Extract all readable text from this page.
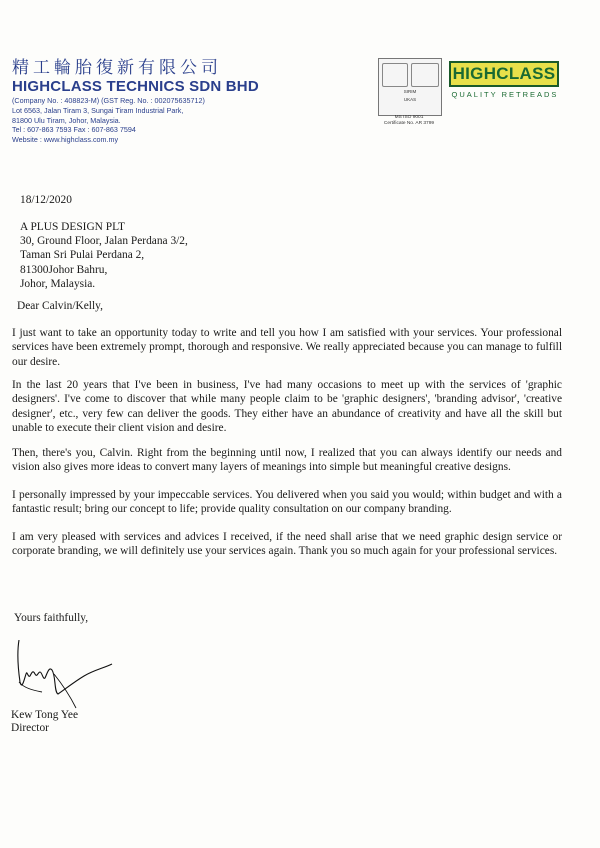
精工輪胎復新有限公司
HIGHCLASS TECHNICS SDN BHD
(Company No. : 408823-M) (GST Reg. No. : 002075635712)
Lot 6563, Jalan Tiram 3, Sungai Tiram Industrial Park,
81800 Ulu Tiram, Johor, Malaysia.
Tel : 607-863 7593 Fax : 607-863 7594
Website : www.highclass.com.my
SIRIM
UKAS
MS ISO 9001
Certificate No. AR 3799
HIGHCLASS
QUALITY RETREADS
18/12/2020
A PLUS DESIGN PLT
30, Ground Floor, Jalan Perdana 3/2,
Taman Sri Pulai Perdana 2,
81300Johor Bahru,
Johor, Malaysia.
Dear Calvin/Kelly,
I just want to take an opportunity today to write and tell you how I am satisfied with your services. Your professional services have been extremely prompt, thorough and responsive. We really appreciated because you can manage to fulfill our desire.
In the last 20 years that I've been in business, I've had many occasions to meet up with the services of 'graphic designers'. I've come to discover that while many people claim to be 'graphic designers', 'branding advisor', 'creative designer', etc., very few can deliver the goods. They either have an abundance of creativity and have all the skill but unable to execute their client vision and desire.
Then, there's you, Calvin. Right from the beginning until now, I realized that you can always identify our needs and vision also gives more ideas to convert many layers of meanings into simple but meaningful creative designs.
I personally impressed by your impeccable services. You delivered when you said you would; within budget and with a fantastic result; bring our concept to life; provide quality consultation on our company branding.
I am very pleased with services and advices I received, if the need shall arise that we need graphic design service or corporate branding, we will definitely use your services again. Thank you so much again for your professional services.
Yours faithfully,
Kew Tong Yee
Director
